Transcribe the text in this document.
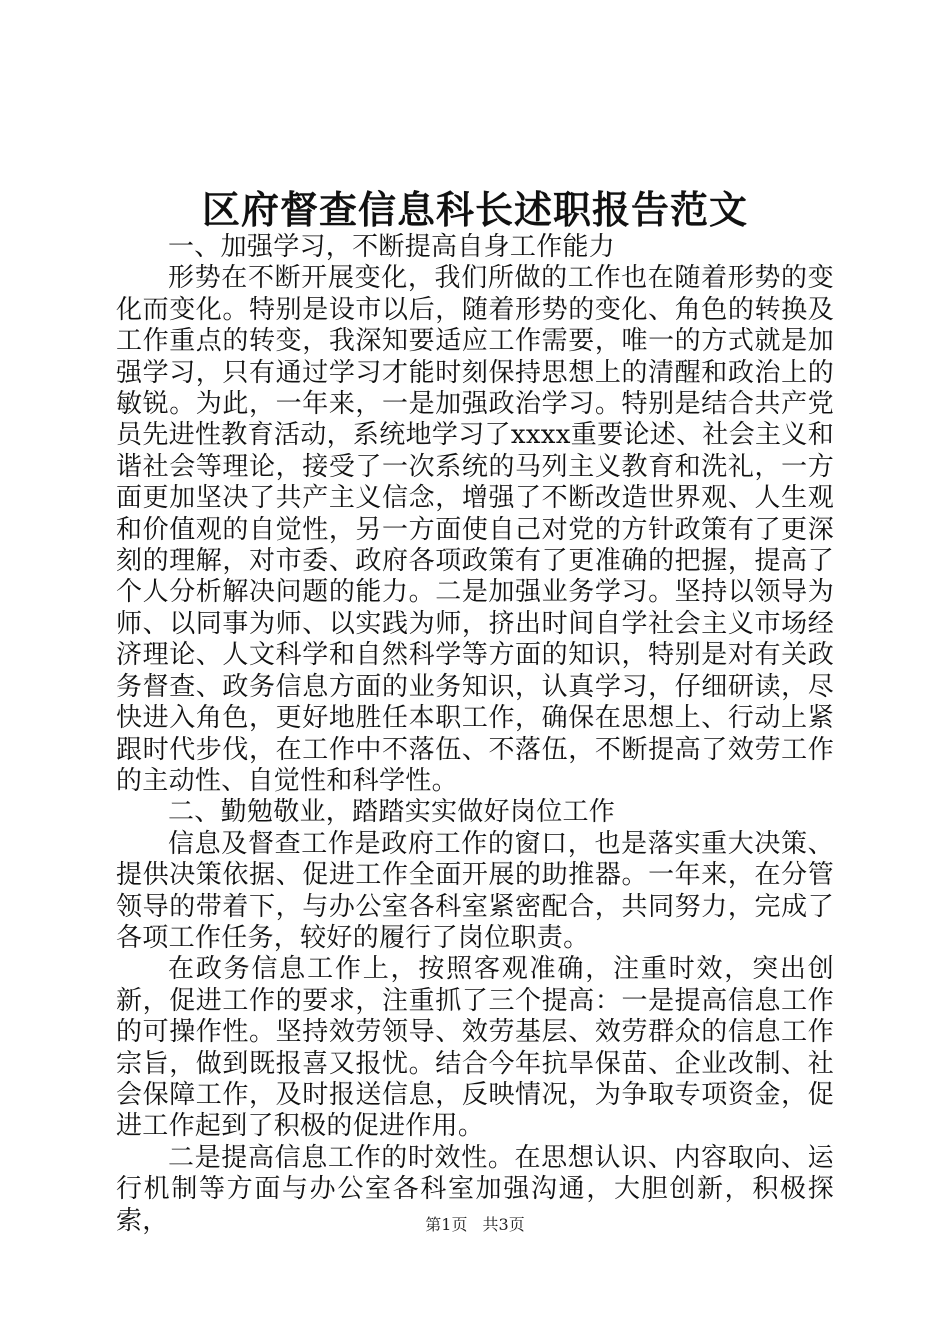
区府督查信息科长述职报告范文

一、加强学习，不断提高自身工作能力

形势在不断开展变化，我们所做的工作也在随着形势的变化而变化。特别是设市以后，随着形势的变化、角色的转换及工作重点的转变，我深知要适应工作需要，唯一的方式就是加强学习，只有通过学习才能时刻保持思想上的清醒和政治上的敏锐。为此，一年来，一是加强政治学习。特别是结合共产党员先进性教育活动，系统地学习了xxxx重要论述、社会主义和谐社会等理论，接受了一次系统的马列主义教育和洗礼，一方面更加坚决了共产主义信念，增强了不断改造世界观、人生观和价值观的自觉性，另一方面使自己对党的方针政策有了更深刻的理解，对市委、政府各项政策有了更准确的把握，提高了个人分析解决问题的能力。二是加强业务学习。坚持以领导为师、以同事为师、以实践为师，挤出时间自学社会主义市场经济理论、人文科学和自然科学等方面的知识，特别是对有关政务督查、政务信息方面的业务知识，认真学习，仔细研读，尽快进入角色，更好地胜任本职工作，确保在思想上、行动上紧跟时代步伐，在工作中不落伍、不落伍，不断提高了效劳工作的主动性、自觉性和科学性。

二、勤勉敬业，踏踏实实做好岗位工作

信息及督查工作是政府工作的窗口，也是落实重大决策、提供决策依据、促进工作全面开展的助推器。一年来，在分管领导的带着下，与办公室各科室紧密配合，共同努力，完成了各项工作任务，较好的履行了岗位职责。

在政务信息工作上，按照客观准确，注重时效，突出创新，促进工作的要求，注重抓了三个提高：一是提高信息工作的可操作性。坚持效劳领导、效劳基层、效劳群众的信息工作宗旨，做到既报喜又报忧。结合今年抗旱保苗、企业改制、社会保障工作，及时报送信息，反映情况，为争取专项资金，促进工作起到了积极的促进作用。

二是提高信息工作的时效性。在思想认识、内容取向、运行机制等方面与办公室各科室加强沟通，大胆创新，积极探索，	第1页 共3页
